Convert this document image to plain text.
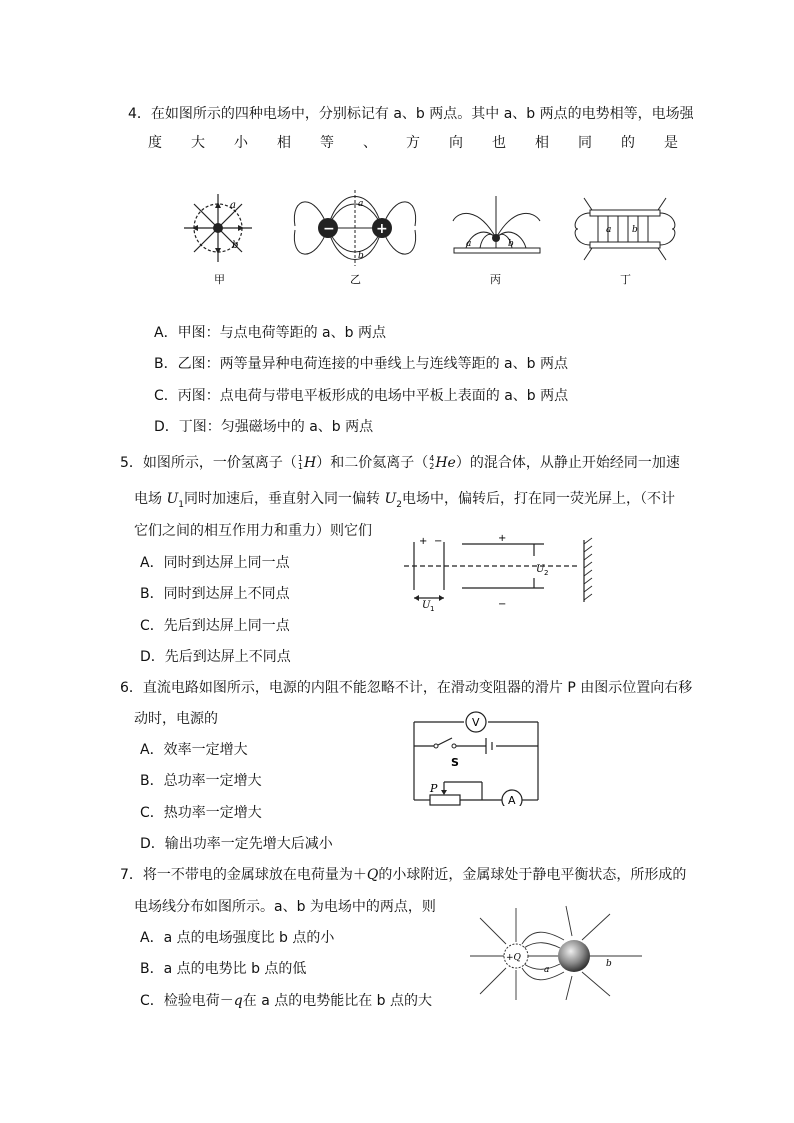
4．在如图所示的四种电场中，分别标记有 a、b 两点。其中 a、b 两点的电势相等，电场强
度 大 小 相 等 、 方 向 也 相 同 的 是
a
b
甲
−	+
a
b
乙
a	b
丙
a b
丁
A．甲图：与点电荷等距的 a、b 两点
B．乙图：两等量异种电荷连接的中垂线上与连线等距的 a、b 两点
C．丙图：点电荷与带电平板形成的电场中平板上表面的 a、b 两点
D．丁图：匀强磁场中的 a、b 两点
5．如图所示，一价氢离子（ 1
1 H）和二价氦离子（ 4
2 He）的混合体，从静止开始经同一加速
电场 $U_1$同时加速后，垂直射入同一偏转 $U_2$电场中，偏转后，打在同一荧光屏上，（不计
它们之间的相互作用力和重力）则它们
A．同时到达屏上同一点
B．同时到达屏上不同点
C．先后到达屏上同一点
D．先后到达屏上不同点
+ −	+
−
U 1
U 2
6．直流电路如图所示，电源的内阻不能忽略不计，在滑动变阻器的滑片 P 由图示位置向右移
动时，电源的
A．效率一定增大
B．总功率一定增大
C．热功率一定增大
D．输出功率一定先增大后减小
V
A
S
P
7．将一不带电的金属球放在电荷量为＋Q的小球附近，金属球处于静电平衡状态，所形成的
电场线分布如图所示。a、b 为电场中的两点，则
A．a 点的电场强度比 b 点的小
B．a 点的电势比 b 点的低
C．检验电荷－q在 a 点的电势能比在 b 点的大
+Q
a
b
